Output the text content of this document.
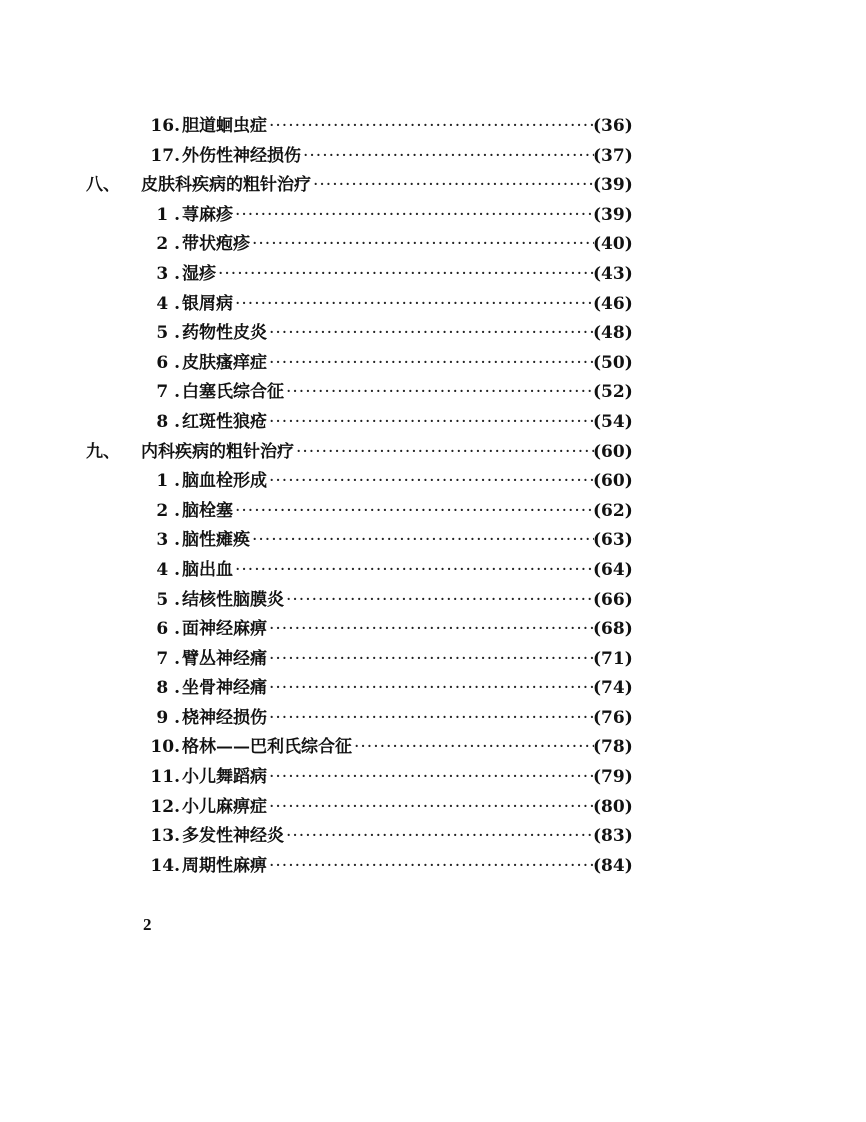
16. 胆道蛔虫症 ·····	(36)
17. 外伤性神经损伤 ·····	(37)
八、	皮肤科疾病的粗针治疗 ·····	(39)
1 . 荨麻疹 ·····	(39)
2 . 带状疱疹 ·····	(40)
3 . 湿疹 ·····	(43)
4 . 银屑病 ·····	(46)
5 . 药物性皮炎 ·····	(48)
6 . 皮肤瘙痒症 ·····	(50)
7 . 白塞氏综合征 ·····	(52)
8 . 红斑性狼疮 ·····	(54)
九、	内科疾病的粗针治疗 ·····	(60)
1 . 脑血栓形成 ·····	(60)
2 . 脑栓塞 ·····	(62)
3 . 脑性瘫痪 ·····	(63)
4 . 脑出血 ·····	(64)
5 . 结核性脑膜炎 ·····	(66)
6 . 面神经麻痹 ·····	(68)
7 . 臂丛神经痛 ·····	(71)
8 . 坐骨神经痛 ·····	(74)
9 . 桡神经损伤 ·····	(76)
10. 格林——巴利氏综合征 ·····	(78)
11. 小儿舞蹈病 ·····	(79)
12. 小儿麻痹症 ·····	(80)
13. 多发性神经炎 ·····	(83)
14. 周期性麻痹 ·····	(84)
2
